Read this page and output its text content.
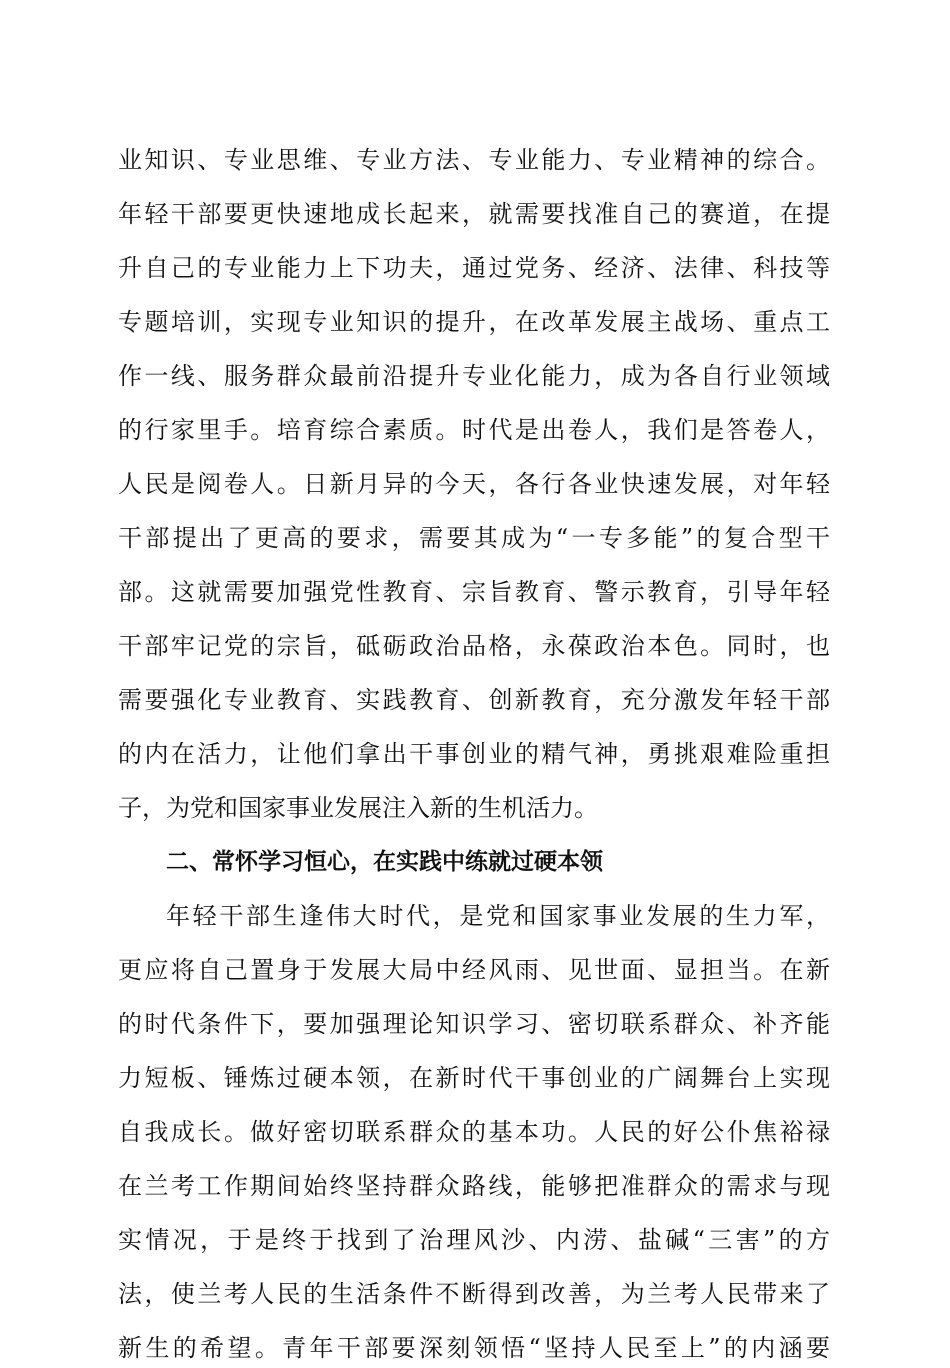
业知识、专业思维、专业方法、专业能力、专业精神的综合。
年轻干部要更快速地成长起来，就需要找准自己的赛道，在提
升自己的专业能力上下功夫，通过党务、经济、法律、科技等
专题培训，实现专业知识的提升，在改革发展主战场、重点工
作一线、服务群众最前沿提升专业化能力，成为各自行业领域
的行家里手。培育综合素质。时代是出卷人，我们是答卷人，
人民是阅卷人。日新月异的今天，各行各业快速发展，对年轻
干部提出了更高的要求，需要其成为“一专多能”的复合型干
部。这就需要加强党性教育、宗旨教育、警示教育，引导年轻
干部牢记党的宗旨，砥砺政治品格，永葆政治本色。同时，也
需要强化专业教育、实践教育、创新教育，充分激发年轻干部
的内在活力，让他们拿出干事创业的精气神，勇挑艰难险重担
子，为党和国家事业发展注入新的生机活力。
二、常怀学习恒心，在实践中练就过硬本领
年轻干部生逢伟大时代，是党和国家事业发展的生力军，
更应将自己置身于发展大局中经风雨、见世面、显担当。在新
的时代条件下，要加强理论知识学习、密切联系群众、补齐能
力短板、锤炼过硬本领，在新时代干事创业的广阔舞台上实现
自我成长。做好密切联系群众的基本功。人民的好公仆焦裕禄
在兰考工作期间始终坚持群众路线，能够把准群众的需求与现
实情况，于是终于找到了治理风沙、内涝、盐碱“三害”的方
法，使兰考人民的生活条件不断得到改善，为兰考人民带来了
新生的希望。青年干部要深刻领悟“坚持人民至上”的内涵要
